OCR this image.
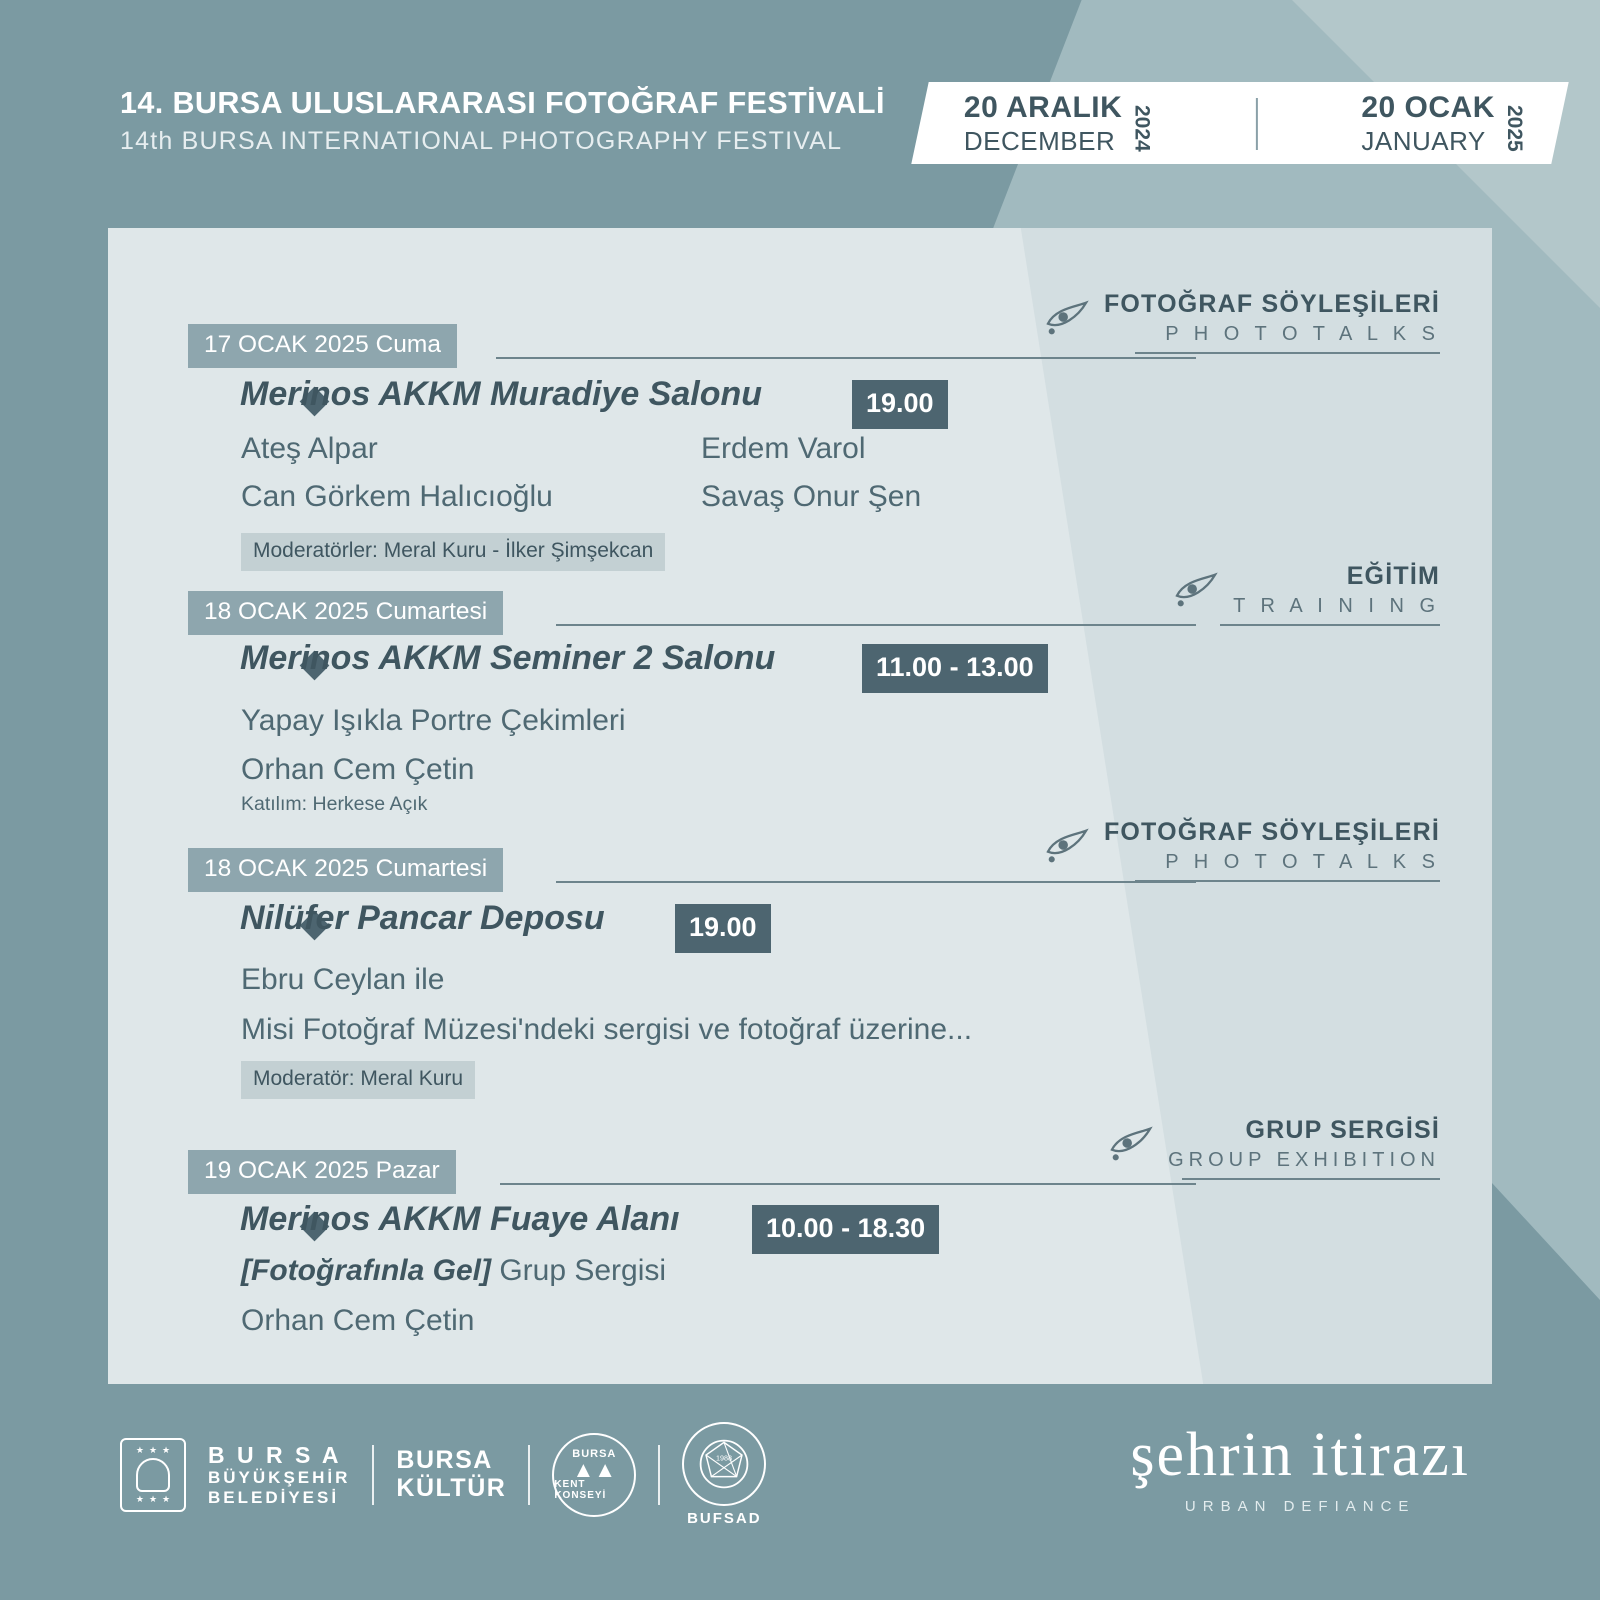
14. BURSA ULUSLARARASI FOTOĞRAF FESTİVALİ
14th BURSA INTERNATIONAL PHOTOGRAPHY FESTIVAL
20 ARALIK
DECEMBER 2024	20 OCAK
JANUARY 2025
FOTOĞRAF SÖYLEŞİLERİ
P H O T O T A L K S
17 OCAK 2025 Cuma
Merinos AKKM Muradiye Salonu	19.00
Ateş Alpar	Erdem Varol
Can Görkem Halıcıoğlu	Savaş Onur Şen
Moderatörler: Meral Kuru - İlker Şimşekcan
EĞİTİM
T R A I N I N G
18 OCAK 2025 Cumartesi
Merinos AKKM Seminer 2 Salonu	11.00 - 13.00
Yapay Işıkla Portre Çekimleri
Orhan Cem Çetin
Katılım: Herkese Açık
FOTOĞRAF SÖYLEŞİLERİ
P H O T O T A L K S
18 OCAK 2025 Cumartesi
Nilüfer Pancar Deposu	19.00
Ebru Ceylan ile
Misi Fotoğraf Müzesi'ndeki sergisi ve fotoğraf üzerine...
Moderatör: Meral Kuru
GRUP SERGİSİ
GROUP EXHIBITION
19 OCAK 2025 Pazar
Merinos AKKM Fuaye Alanı	10.00 - 18.30
[Fotoğrafınla Gel] Grup Sergisi
Orhan Cem Çetin
★ ★ ★
★ ★ ★
B U R S A
BÜYÜKŞEHİR
BELEDİYESİ
BURSA
KÜLTÜR
BURSA
▲▲
KENT KONSEYİ
1988
BUFSAD
şehrin itirazı
URBAN DEFIANCE
